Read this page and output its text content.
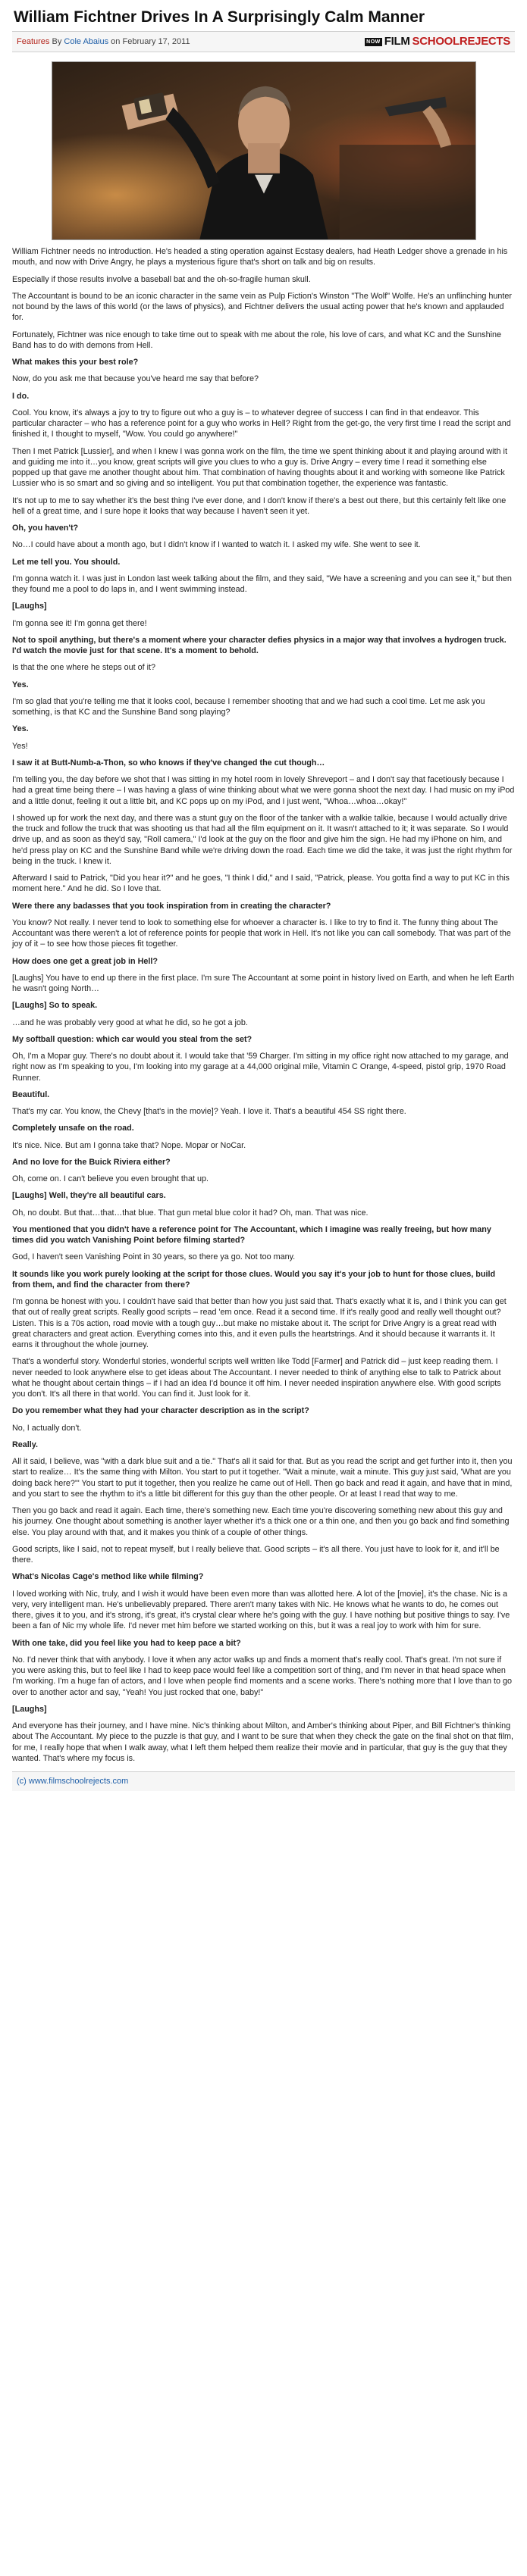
William Fichtner Drives In A Surprisingly Calm Manner
Features By Cole Abaius on February 17, 2011	NOW FILM SCHOOLREJECTS

William Fichtner needs no introduction. He's headed a sting operation against Ecstasy dealers, had Heath Ledger shove a grenade in his mouth, and now with Drive Angry, he plays a mysterious figure that's short on talk and big on results.

Especially if those results involve a baseball bat and the oh-so-fragile human skull.

The Accountant is bound to be an iconic character in the same vein as Pulp Fiction's Winston "The Wolf" Wolfe. He's an unflinching hunter not bound by the laws of this world (or the laws of physics), and Fichtner delivers the usual acting power that he's known and applauded for.

Fortunately, Fichtner was nice enough to take time out to speak with me about the role, his love of cars, and what KC and the Sunshine Band has to do with demons from Hell.

What makes this your best role?

Now, do you ask me that because you've heard me say that before?

I do.

Cool. You know, it's always a joy to try to figure out who a guy is – to whatever degree of success I can find in that endeavor. This particular character – who has a reference point for a guy who works in Hell? Right from the get-go, the very first time I read the script and finished it, I thought to myself, "Wow. You could go anywhere!"

Then I met Patrick [Lussier], and when I knew I was gonna work on the film, the time we spent thinking about it and playing around with it and guiding me into it…you know, great scripts will give you clues to who a guy is. Drive Angry – every time I read it something else popped up that gave me another thought about him. That combination of having thoughts about it and working with someone like Patrick Lussier who is so smart and so giving and so intelligent. You put that combination together, the experience was fantastic.

It's not up to me to say whether it's the best thing I've ever done, and I don't know if there's a best out there, but this certainly felt like one hell of a great time, and I sure hope it looks that way because I haven't seen it yet.

Oh, you haven't?

No…I could have about a month ago, but I didn't know if I wanted to watch it. I asked my wife. She went to see it.

Let me tell you. You should.

I'm gonna watch it. I was just in London last week talking about the film, and they said, "We have a screening and you can see it," but then they found me a pool to do laps in, and I went swimming instead.

[Laughs]

I'm gonna see it! I'm gonna get there!

Not to spoil anything, but there's a moment where your character defies physics in a major way that involves a hydrogen truck. I'd watch the movie just for that scene. It's a moment to behold.

Is that the one where he steps out of it?

Yes.

I'm so glad that you're telling me that it looks cool, because I remember shooting that and we had such a cool time. Let me ask you something, is that KC and the Sunshine Band song playing?

Yes.

Yes!

I saw it at Butt-Numb-a-Thon, so who knows if they've changed the cut though…

I'm telling you, the day before we shot that I was sitting in my hotel room in lovely Shreveport – and I don't say that facetiously because I had a great time being there – I was having a glass of wine thinking about what we were gonna shoot the next day. I had music on my iPod and a little donut, feeling it out a little bit, and KC pops up on my iPod, and I just went, "Whoa…whoa…okay!"

I showed up for work the next day, and there was a stunt guy on the floor of the tanker with a walkie talkie, because I would actually drive the truck and follow the truck that was shooting us that had all the film equipment on it. It wasn't attached to it; it was separate. So I would drive up, and as soon as they'd say, "Roll camera," I'd look at the guy on the floor and give him the sign. He had my iPhone on him, and he'd press play on KC and the Sunshine Band while we're driving down the road. Each time we did the take, it was just the right rhythm for being in the truck. I knew it.

Afterward I said to Patrick, "Did you hear it?" and he goes, "I think I did," and I said, "Patrick, please. You gotta find a way to put KC in this moment here." And he did. So I love that.

Were there any badasses that you took inspiration from in creating the character?

You know? Not really. I never tend to look to something else for whoever a character is. I like to try to find it. The funny thing about The Accountant was there weren't a lot of reference points for people that work in Hell. It's not like you can call somebody. That was part of the joy of it – to see how those pieces fit together.

How does one get a great job in Hell?

[Laughs] You have to end up there in the first place. I'm sure The Accountant at some point in history lived on Earth, and when he left Earth he wasn't going North…

[Laughs] So to speak.

…and he was probably very good at what he did, so he got a job.

My softball question: which car would you steal from the set?

Oh, I'm a Mopar guy. There's no doubt about it. I would take that '59 Charger. I'm sitting in my office right now attached to my garage, and right now as I'm speaking to you, I'm looking into my garage at a 44,000 original mile, Vitamin C Orange, 4-speed, pistol grip, 1970 Road Runner.

Beautiful.

That's my car. You know, the Chevy [that's in the movie]? Yeah. I love it. That's a beautiful 454 SS right there.

Completely unsafe on the road.

It's nice. Nice. But am I gonna take that? Nope. Mopar or NoCar.

And no love for the Buick Riviera either?

Oh, come on. I can't believe you even brought that up.

[Laughs] Well, they're all beautiful cars.

Oh, no doubt. But that…that…that blue. That gun metal blue color it had? Oh, man. That was nice.

You mentioned that you didn't have a reference point for The Accountant, which I imagine was really freeing, but how many times did you watch Vanishing Point before filming started?

God, I haven't seen Vanishing Point in 30 years, so there ya go. Not too many.

It sounds like you work purely looking at the script for those clues. Would you say it's your job to hunt for those clues, build from them, and find the character from there?

I'm gonna be honest with you. I couldn't have said that better than how you just said that. That's exactly what it is, and I think you can get that out of really great scripts. Really good scripts – read 'em once. Read it a second time. If it's really good and really well thought out? Listen. This is a 70s action, road movie with a tough guy…but make no mistake about it. The script for Drive Angry is a great read with great characters and great action. Everything comes into this, and it even pulls the heartstrings. And it should because it warrants it. It earns it throughout the whole journey.

That's a wonderful story. Wonderful stories, wonderful scripts well written like Todd [Farmer] and Patrick did – just keep reading them. I never needed to look anywhere else to get ideas about The Accountant. I never needed to think of anything else to talk to Patrick about what he thought about certain things – if I had an idea I'd bounce it off him. I never needed inspiration anywhere else. With good scripts you don't. It's all there in that world. You can find it. Just look for it.

Do you remember what they had your character description as in the script?

No, I actually don't.

Really.

All it said, I believe, was "with a dark blue suit and a tie." That's all it said for that. But as you read the script and get further into it, then you start to realize… It's the same thing with Milton. You start to put it together. "Wait a minute, wait a minute. This guy just said, 'What are you doing back here?'" You start to put it together, then you realize he came out of Hell. Then go back and read it again, and have that in mind, and you start to see the rhythm to it's a little bit different for this guy than the other people. Or at least I read that way to me.

Then you go back and read it again. Each time, there's something new. Each time you're discovering something new about this guy and his journey. One thought about something is another layer whether it's a thick one or a thin one, and then you go back and find something else. You play around with that, and it makes you think of a couple of other things.

Good scripts, like I said, not to repeat myself, but I really believe that. Good scripts – it's all there. You just have to look for it, and it'll be there.

What's Nicolas Cage's method like while filming?

I loved working with Nic, truly, and I wish it would have been even more than was allotted here. A lot of the [movie], it's the chase. Nic is a very, very intelligent man. He's unbelievably prepared. There aren't many takes with Nic. He knows what he wants to do, he comes out there, gives it to you, and it's strong, it's great, it's crystal clear where he's going with the guy. I have nothing but positive things to say. I've been a fan of Nic my whole life. I'd never met him before we started working on this, but it was a real joy to work with him for sure.

With one take, did you feel like you had to keep pace a bit?

No. I'd never think that with anybody. I love it when any actor walks up and finds a moment that's really cool. That's great. I'm not sure if you were asking this, but to feel like I had to keep pace would feel like a competition sort of thing, and I'm never in that head space when I'm working. I'm a huge fan of actors, and I love when people find moments and a scene works. There's nothing more that I love than to go over to another actor and say, "Yeah! You just rocked that one, baby!"

[Laughs]

And everyone has their journey, and I have mine. Nic's thinking about Milton, and Amber's thinking about Piper, and Bill Fichtner's thinking about The Accountant. My piece to the puzzle is that guy, and I want to be sure that when they check the gate on the final shot on that film, for me, I really hope that when I walk away, what I left them helped them realize their movie and in particular, that guy is the guy that they wanted. That's where my focus is.

(c) www.filmschoolrejects.com
